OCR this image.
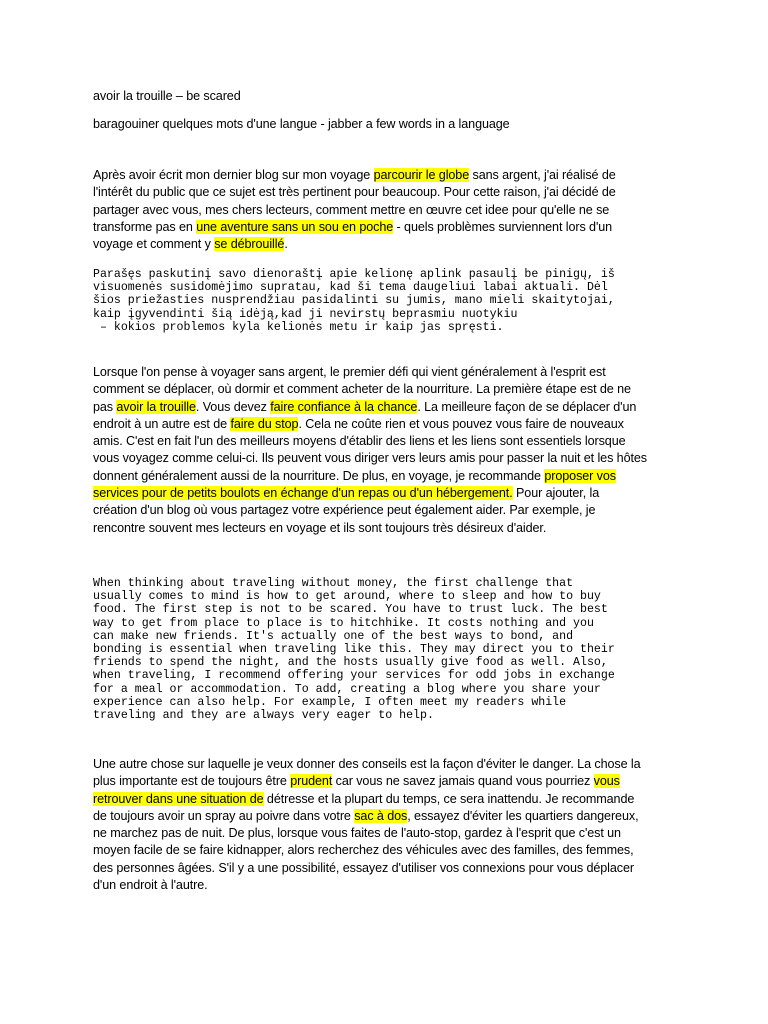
avoir la trouille – be scared
baragouiner quelques mots d'une langue - jabber a few words in a language
Après avoir écrit mon dernier blog sur mon voyage parcourir le globe sans argent, j'ai réalisé de
l'intérêt du public que ce sujet est très pertinent pour beaucoup. Pour cette raison, j'ai décidé de
partager avec vous, mes chers lecteurs, comment mettre en œuvre cet idee pour qu'elle ne se
transforme pas en une aventure sans un sou en poche - quels problèmes surviennent lors d'un
voyage et comment y se débrouillé.
Parašęs paskutinį savo dienoraštį apie kelionę aplink pasaulį be pinigų, iš
visuomenės susidomėjimo supratau, kad ši tema daugeliui labai aktuali. Dėl
šios priežasties nusprendžiau pasidalinti su jumis, mano mieli skaitytojai,
kaip įgyvendinti šią idėją,kad ji nevirstų beprasmiu nuotykiu
– kokios problemos kyla kelionės metu ir kaip jas spręsti.
Lorsque l'on pense à voyager sans argent, le premier défi qui vient généralement à l'esprit est
comment se déplacer, où dormir et comment acheter de la nourriture. La première étape est de ne
pas avoir la trouille. Vous devez faire confiance à la chance. La meilleure façon de se déplacer d'un
endroit à un autre est de faire du stop. Cela ne coûte rien et vous pouvez vous faire de nouveaux
amis. C'est en fait l'un des meilleurs moyens d'établir des liens et les liens sont essentiels lorsque
vous voyagez comme celui-ci. Ils peuvent vous diriger vers leurs amis pour passer la nuit et les hôtes
donnent généralement aussi de la nourriture. De plus, en voyage, je recommande proposer vos
services pour de petits boulots en échange d'un repas ou d'un hébergement. Pour ajouter, la
création d'un blog où vous partagez votre expérience peut également aider. Par exemple, je
rencontre souvent mes lecteurs en voyage et ils sont toujours très désireux d'aider.
When thinking about traveling without money, the first challenge that
usually comes to mind is how to get around, where to sleep and how to buy
food. The first step is not to be scared. You have to trust luck. The best
way to get from place to place is to hitchhike. It costs nothing and you
can make new friends. It's actually one of the best ways to bond, and
bonding is essential when traveling like this. They may direct you to their
friends to spend the night, and the hosts usually give food as well. Also,
when traveling, I recommend offering your services for odd jobs in exchange
for a meal or accommodation. To add, creating a blog where you share your
experience can also help. For example, I often meet my readers while
traveling and they are always very eager to help.
Une autre chose sur laquelle je veux donner des conseils est la façon d'éviter le danger. La chose la
plus importante est de toujours être prudent car vous ne savez jamais quand vous pourriez vous
retrouver dans une situation de détresse et la plupart du temps, ce sera inattendu. Je recommande
de toujours avoir un spray au poivre dans votre sac à dos, essayez d'éviter les quartiers dangereux,
ne marchez pas de nuit. De plus, lorsque vous faites de l'auto-stop, gardez à l'esprit que c'est un
moyen facile de se faire kidnapper, alors recherchez des véhicules avec des familles, des femmes,
des personnes âgées. S'il y a une possibilité, essayez d'utiliser vos connexions pour vous déplacer
d'un endroit à l'autre.
